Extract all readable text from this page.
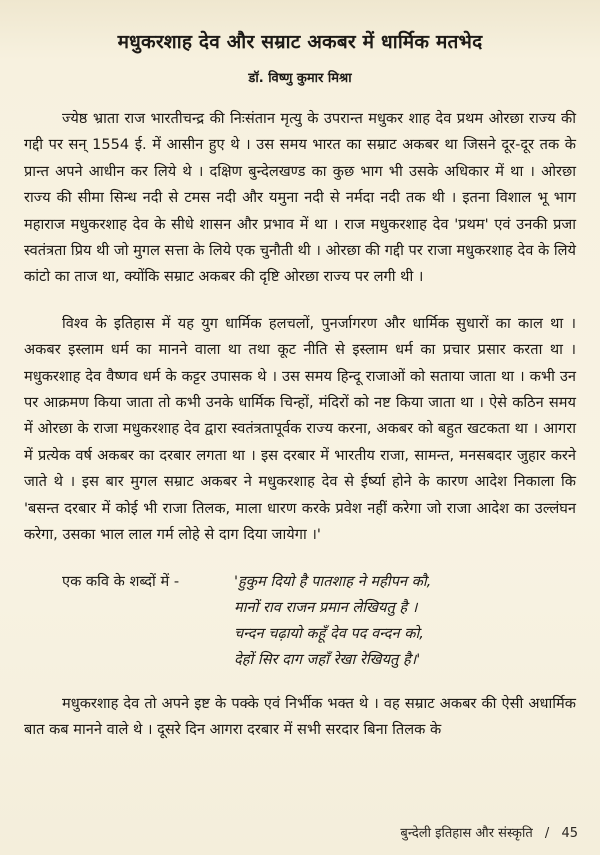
मधुकरशाह देव और सम्राट अकबर में धार्मिक मतभेद
डॉ. विष्णु कुमार मिश्रा

ज्येष्ठ भ्राता राज भारतीचन्द्र की निःसंतान मृत्यु के उपरान्त मधुकर शाह देव प्रथम ओरछा राज्य की गद्दी पर सन् 1554 ई. में आसीन हुए थे । उस समय भारत का सम्राट अकबर था जिसने दूर-दूर तक के प्रान्त अपने आधीन कर लिये थे । दक्षिण बुन्देलखण्ड का कुछ भाग भी उसके अधिकार में था । ओरछा राज्य की सीमा सिन्ध नदी से टमस नदी और यमुना नदी से नर्मदा नदी तक थी । इतना विशाल भू भाग महाराज मधुकरशाह देव के सीधे शासन और प्रभाव में था । राज मधुकरशाह देव 'प्रथम' एवं उनकी प्रजा स्वतंत्रता प्रिय थी जो मुगल सत्ता के लिये एक चुनौती थी । ओरछा की गद्दी पर राजा मधुकरशाह देव के लिये कांटो का ताज था, क्योंकि सम्राट अकबर की दृष्टि ओरछा राज्य पर लगी थी ।

विश्व के इतिहास में यह युग धार्मिक हलचलों, पुनर्जागरण और धार्मिक सुधारों का काल था । अकबर इस्लाम धर्म का मानने वाला था तथा कूट नीति से इस्लाम धर्म का प्रचार प्रसार करता था । मधुकरशाह देव वैष्णव धर्म के कट्टर उपासक थे । उस समय हिन्दू राजाओं को सताया जाता था । कभी उन पर आक्रमण किया जाता तो कभी उनके धार्मिक चिन्हों, मंदिरों को नष्ट किया जाता था । ऐसे कठिन समय में ओरछा के राजा मधुकरशाह देव द्वारा स्वतंत्रतापूर्वक राज्य करना, अकबर को बहुत खटकता था । आगरा में प्रत्येक वर्ष अकबर का दरबार लगता था । इस दरबार में भारतीय राजा, सामन्त, मनसबदार जुहार करने जाते थे । इस बार मुगल सम्राट अकबर ने मधुकरशाह देव से ईर्ष्या होने के कारण आदेश निकाला कि 'बसन्त दरबार में कोई भी राजा तिलक, माला धारण करके प्रवेश नहीं करेगा जो राजा आदेश का उल्लंघन करेगा, उसका भाल लाल गर्म लोहे से दाग दिया जायेगा ।'

एक कवि के शब्दों में -	'हुकुम दियो है पातशाह ने महीपन कौ,
मानों राव राजन प्रमान लेखियतु है ।
चन्दन चढ़ायो कहूँ देव पद वन्दन को,
देहों सिर दाग जहाँ रेखा रेखियतु है।'

मधुकरशाह देव तो अपने इष्ट के पक्के एवं निर्भीक भक्त थे । वह सम्राट अकबर की ऐसी अधार्मिक बात कब मानने वाले थे । दूसरे दिन आगरा दरबार में सभी सरदार बिना तिलक के

बुन्देली इतिहास और संस्कृति / 45
